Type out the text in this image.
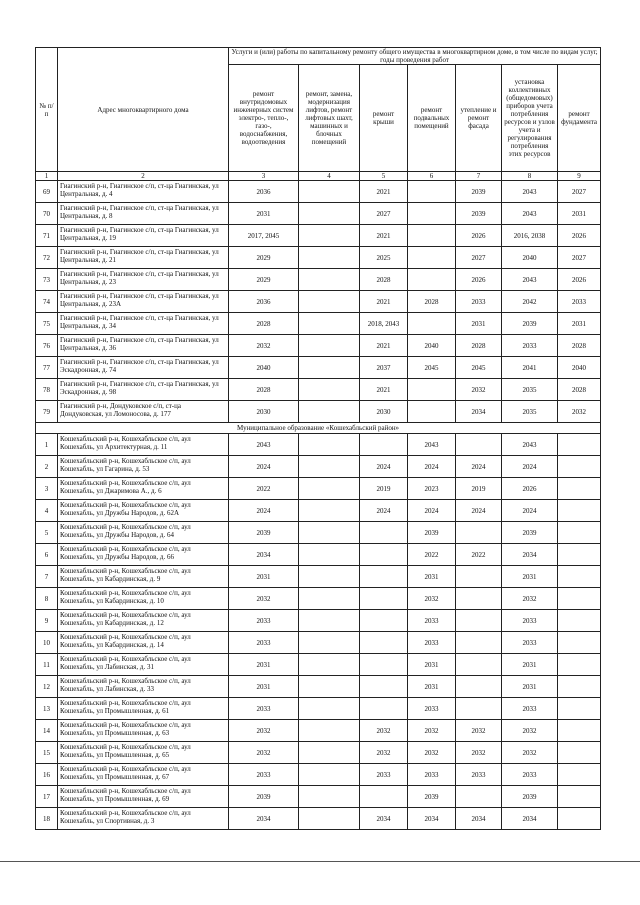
№ п/п	Адрес многоквартирного дома	Услуги и (или) работы по капитальному ремонту общего имущества в многоквартирном доме, в том числе по видам услуг, годы проведения работ						
		ремонт внутридомовых инженерных систем электро-, тепло-, газо-, водоснабжения, водоотведения	ремонт, замена, модернизация лифтов, ремонт лифтовых шахт, машинных и блочных помещений	ремонт крыши	ремонт подвальных помещений	утепление и ремонт фасада	установка коллективных (общедомовых) приборов учета потребления ресурсов и узлов учета и регулирования потребления этих ресурсов	ремонт фундамента
1	2	3	4	5	6	7	8	9
69	Гиагинский р-н, Гиагинское с/п, ст-ца Гиагинская, ул Центральная, д. 4	2036		2021		2039	2043	2027
70	Гиагинский р-н, Гиагинское с/п, ст-ца Гиагинская, ул Центральная, д. 8	2031		2027		2039	2043	2031
71	Гиагинский р-н, Гиагинское с/п, ст-ца Гиагинская, ул Центральная, д. 19	2017, 2045		2021		2026	2016, 2038	2026
72	Гиагинский р-н, Гиагинское с/п, ст-ца Гиагинская, ул Центральная, д. 21	2029		2025		2027	2040	2027
73	Гиагинский р-н, Гиагинское с/п, ст-ца Гиагинская, ул Центральная, д. 23	2029		2028		2026	2043	2026
74	Гиагинский р-н, Гиагинское с/п, ст-ца Гиагинская, ул Центральная, д. 23А	2036		2021	2028	2033	2042	2033
75	Гиагинский р-н, Гиагинское с/п, ст-ца Гиагинская, ул Центральная, д. 34	2028		2018, 2043		2031	2039	2031
76	Гиагинский р-н, Гиагинское с/п, ст-ца Гиагинская, ул Центральная, д. 36	2032		2021	2040	2028	2033	2028
77	Гиагинский р-н, Гиагинское с/п, ст-ца Гиагинская, ул Эскадронная, д. 74	2040		2037	2045	2045	2041	2040
78	Гиагинский р-н, Гиагинское с/п, ст-ца Гиагинская, ул Эскадронная, д. 98	2028		2021		2032	2035	2028
79	Гиагинский р-н, Дондуковское с/п, ст-ца Дондуковская, ул Ломоносова, д. 177	2030		2030		2034	2035	2032
Муниципальное образование «Кошехабльский район»								
1	Кошехабльский р-н, Кошехабльское с/п, аул Кошехабль, ул Архитектурная, д. 11	2043			2043		2043	
2	Кошехабльский р-н, Кошехабльское с/п, аул Кошехабль, ул Гагарина, д. 53	2024		2024	2024	2024	2024	
3	Кошехабльский р-н, Кошехабльское с/п, аул Кошехабль, ул Джаримова А., д. 6	2022		2019	2023	2019	2026	
4	Кошехабльский р-н, Кошехабльское с/п, аул Кошехабль, ул Дружбы Народов, д. 62А	2024		2024	2024	2024	2024	
5	Кошехабльский р-н, Кошехабльское с/п, аул Кошехабль, ул Дружбы Народов, д. 64	2039			2039		2039	
6	Кошехабльский р-н, Кошехабльское с/п, аул Кошехабль, ул Дружбы Народов, д. 66	2034			2022	2022	2034	
7	Кошехабльский р-н, Кошехабльское с/п, аул Кошехабль, ул Кабардинская, д. 9	2031			2031		2031	
8	Кошехабльский р-н, Кошехабльское с/п, аул Кошехабль, ул Кабардинская, д. 10	2032			2032		2032	
9	Кошехабльский р-н, Кошехабльское с/п, аул Кошехабль, ул Кабардинская, д. 12	2033			2033		2033	
10	Кошехабльский р-н, Кошехабльское с/п, аул Кошехабль, ул Кабардинская, д. 14	2033			2033		2033	
11	Кошехабльский р-н, Кошехабльское с/п, аул Кошехабль, ул Лабинская, д. 31	2031			2031		2031	
12	Кошехабльский р-н, Кошехабльское с/п, аул Кошехабль, ул Лабинская, д. 33	2031			2031		2031	
13	Кошехабльский р-н, Кошехабльское с/п, аул Кошехабль, ул Промышленная, д. 61	2033			2033		2033	
14	Кошехабльский р-н, Кошехабльское с/п, аул Кошехабль, ул Промышленная, д. 63	2032		2032	2032	2032	2032	
15	Кошехабльский р-н, Кошехабльское с/п, аул Кошехабль, ул Промышленная, д. 65	2032		2032	2032	2032	2032	
16	Кошехабльский р-н, Кошехабльское с/п, аул Кошехабль, ул Промышленная, д. 67	2033		2033	2033	2033	2033	
17	Кошехабльский р-н, Кошехабльское с/п, аул Кошехабль, ул Промышленная, д. 69	2039			2039		2039	
18	Кошехабльский р-н, Кошехабльское с/п, аул Кошехабль, ул Спортивная, д. 3	2034		2034	2034	2034	2034	
